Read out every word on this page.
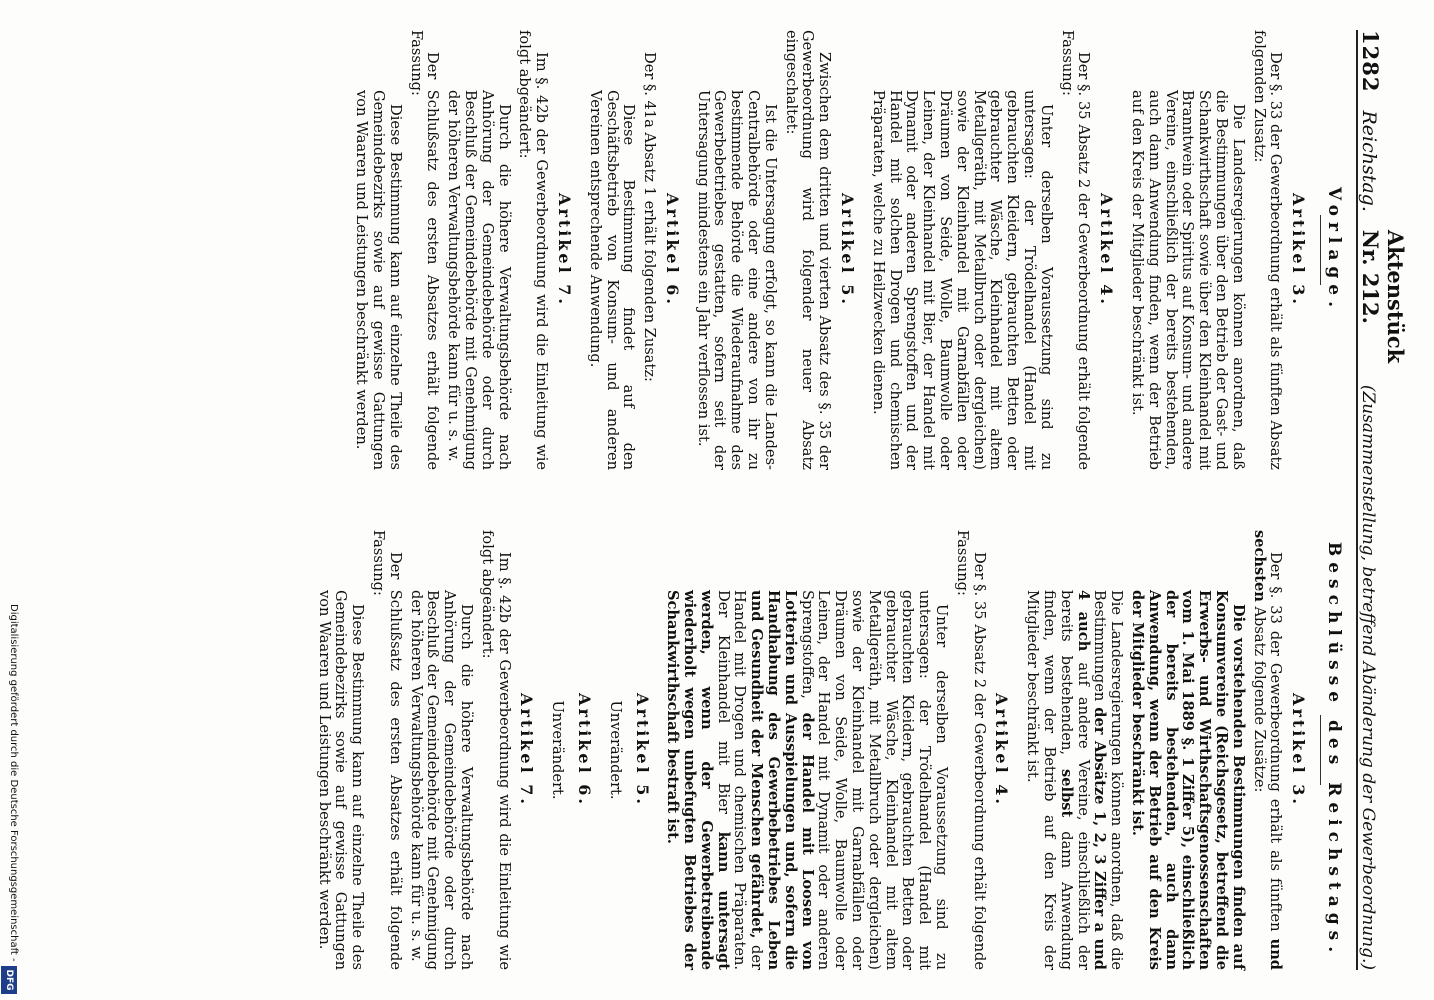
1282
Reichstag.
Aktenstück Nr. 212.
(Zusammenstellung, betreffend Abänderung der Gewerbeordnung.)
Vorlage.
Artikel 3.
Der §. 33 der Gewerbeordnung erhält als fünften Absatz folgenden Zusatz:
Die Landesregierungen können anordnen, daß die Bestimmungen über den Betrieb der Gast- und Schankwirthschaft sowie über den Kleinhandel mit Branntwein oder Spiritus auf Konsum- und andere Vereine, einschließlich der bereits bestehenden, auch dann Anwendung finden, wenn der Betrieb auf den Kreis der Mitglieder beschränkt ist.
Artikel 4.
Der §. 35 Absatz 2 der Gewerbeordnung erhält folgende Fassung:
Unter derselben Voraussetzung sind zu untersagen: der Trödelhandel (Handel mit gebrauchten Kleidern, gebrauchten Betten oder gebrauchter Wäsche, Kleinhandel mit altem Metallgeräth, mit Metallbruch oder dergleichen) sowie der Kleinhandel mit Garnabfällen oder Dräumen von Seide, Wolle, Baumwolle oder Leinen, der Kleinhandel mit Bier, der Handel mit Dynamit oder anderen Sprengstoffen und der Handel mit solchen Drogen und chemischen Präparaten, welche zu Heilzwecken dienen.
Artikel 5.
Zwischen dem dritten und vierten Absatz des §. 35 der Gewerbeordnung wird folgender neuer Absatz eingeschaltet:
Ist die Untersagung erfolgt, so kann die Landes-Centralbehörde oder eine andere von ihr zu bestimmende Behörde die Wiederaufnahme des Gewerbebetriebes gestatten, sofern seit der Untersagung mindestens ein Jahr verflossen ist.
Artikel 6.
Der §. 41a Absatz 1 erhält folgenden Zusatz:
Diese Bestimmung findet auf den Geschäftsbetrieb von Konsum- und anderen Vereinen entsprechende Anwendung.
Artikel 7.
Im §. 42b der Gewerbeordnung wird die Einleitung wie folgt abgeändert:
Durch die höhere Verwaltungsbehörde nach Anhörung der Gemeindebehörde oder durch Beschluß der Gemeindebehörde mit Genehmigung der höheren Verwaltungsbehörde kann für u. s. w.
Der Schlußsatz des ersten Absatzes erhält folgende Fassung:
Diese Bestimmung kann auf einzelne Theile des Gemeindebezirks sowie auf gewisse Gattungen von Waaren und Leistungen beschränkt werden.
Beschlüsse des Reichstags.
Artikel 3.
Der §. 33 der Gewerbeordnung erhält als fünften und sechsten Absatz folgende Zusätze:
Die vorstehenden Bestimmungen finden auf Konsumvereine (Reichsgesetz, betreffend die Erwerbs- und Wirthschaftsgenossenschaften vom 1. Mai 1889 §. 1 Ziffer 5), einschließlich der bereits bestehenden, auch dann Anwendung, wenn der Betrieb auf den Kreis der Mitglieder beschränkt ist.
Die Landesregierungen können anordnen, daß die Bestimmungen der Absätze 1, 2, 3 Ziffer a und 4 auch auf andere Vereine, einschließlich der bereits bestehenden, selbst dann Anwendung finden, wenn der Betrieb auf den Kreis der Mitglieder beschränkt ist.
Artikel 4.
Der §. 35 Absatz 2 der Gewerbeordnung erhält folgende Fassung:
Unter derselben Voraussetzung sind zu untersagen: der Trödelhandel (Handel mit gebrauchten Kleidern, gebrauchten Betten oder gebrauchter Wäsche, Kleinhandel mit altem Metallgeräth, mit Metallbruch oder dergleichen) sowie der Kleinhandel mit Garnabfällen oder Dräumen von Seide, Wolle, Baumwolle oder Leinen, der Handel mit Dynamit oder anderen Sprengstoffen, der Handel mit Loosen von Lotterien und Ausspielungen und, sofern die Handhabung des Gewerbebetriebes Leben und Gesundheit der Menschen gefährdet, der Handel mit Drogen und chemischen Präparaten. Der Kleinhandel mit Bier kann untersagt werden, wenn der Gewerbetreibende wiederholt wegen unbefugten Betriebes der Schankwirthschaft bestraft ist.
Artikel 5.
Unverändert.
Artikel 6.
Unverändert.
Artikel 7.
Im §. 42b der Gewerbeordnung wird die Einleitung wie folgt abgeändert:
Durch die höhere Verwaltungsbehörde nach Anhörung der Gemeindebehörde oder durch Beschluß der Gemeindebehörde mit Genehmigung der höheren Verwaltungsbehörde kann für u. s. w.
Der Schlußsatz des ersten Absatzes erhält folgende Fassung:
Diese Bestimmung kann auf einzelne Theile des Gemeindebezirks sowie auf gewisse Gattungen von Waaren und Leistungen beschränkt werden.
Digitalisierung gefördert durch die Deutsche Forschungsgemeinschaft -
DFG
